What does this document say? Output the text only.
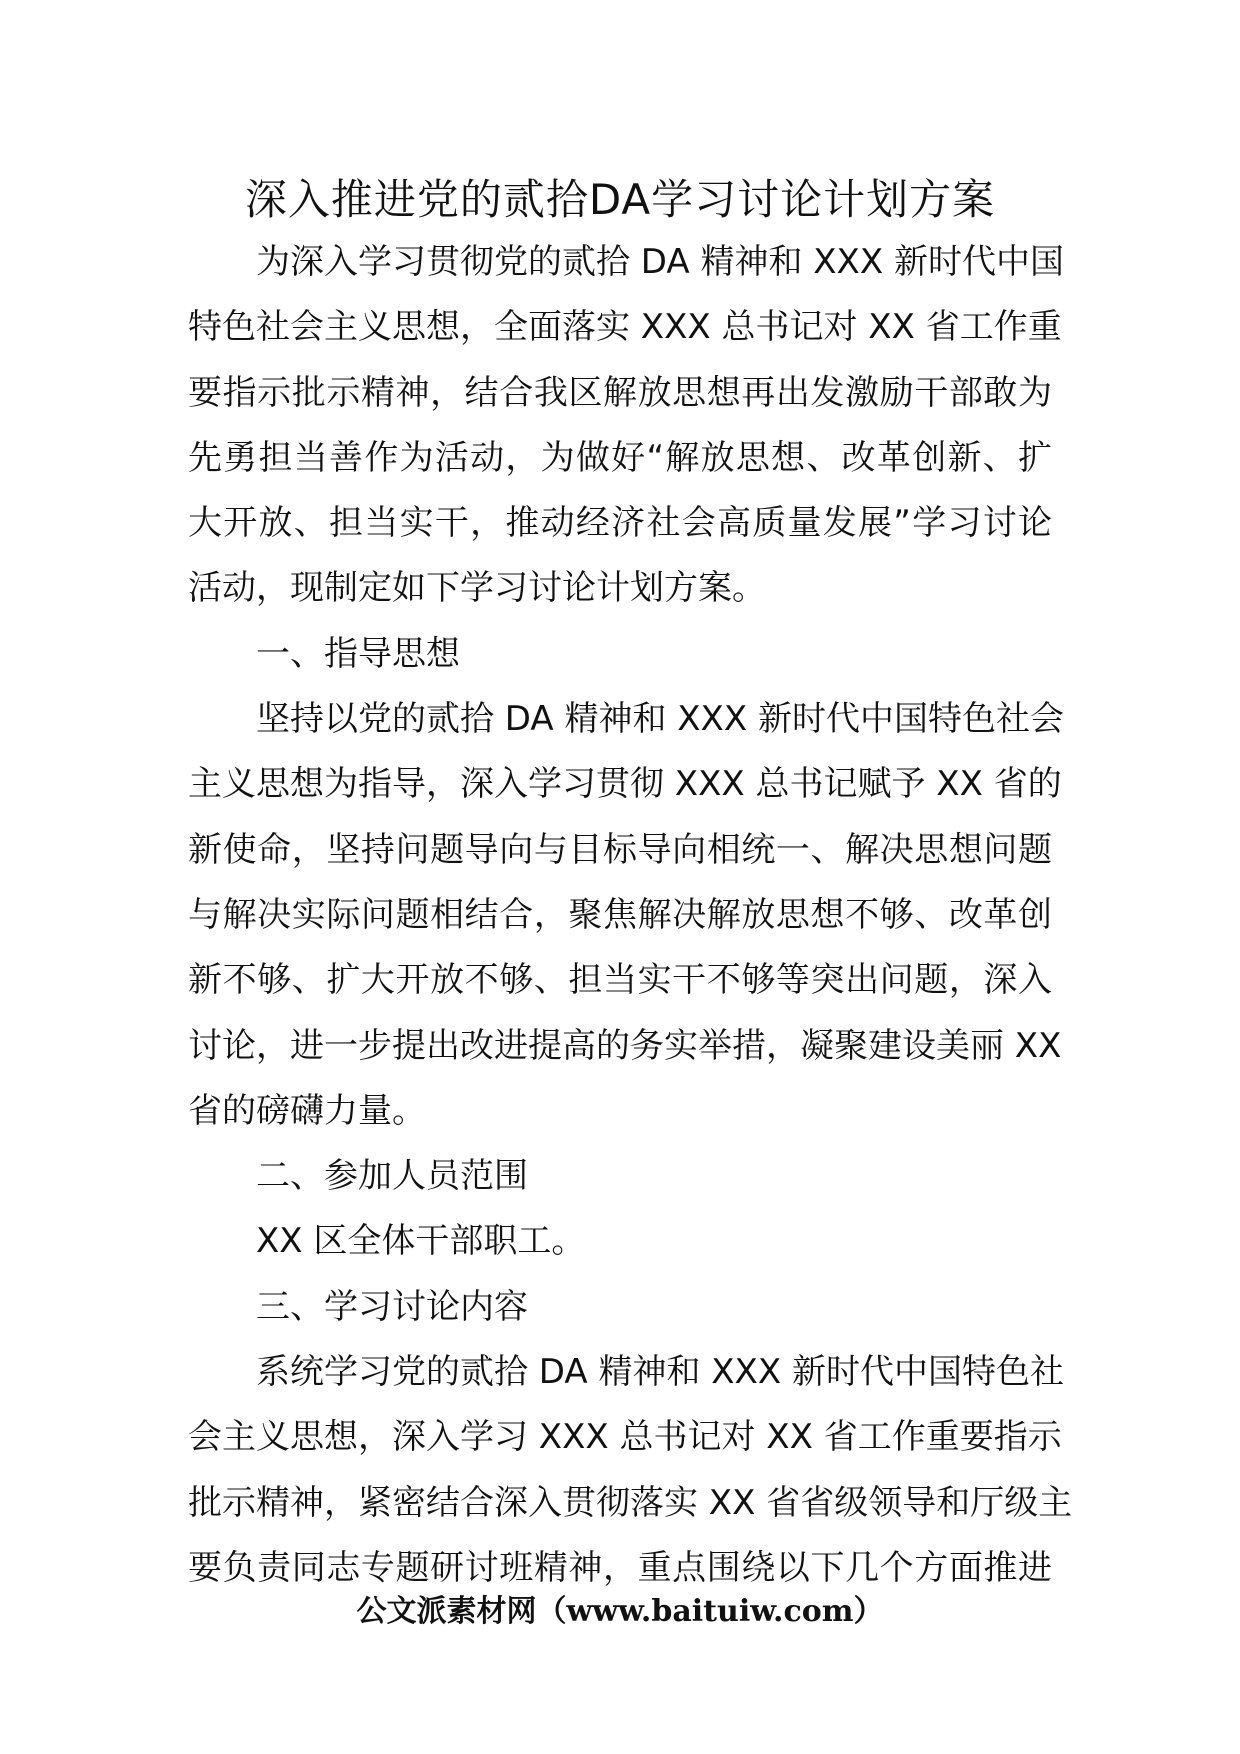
深入推进党的贰拾DA学习讨论计划方案
为深入学习贯彻党的贰拾 DA 精神和 XXX 新时代中国
特色社会主义思想，全面落实 XXX 总书记对 XX 省工作重
要指示批示精神，结合我区解放思想再出发激励干部敢为
先勇担当善作为活动，为做好“解放思想、改革创新、扩
大开放、担当实干，推动经济社会高质量发展”学习讨论
活动，现制定如下学习讨论计划方案。
一、指导思想
坚持以党的贰拾 DA 精神和 XXX 新时代中国特色社会
主义思想为指导，深入学习贯彻 XXX 总书记赋予 XX 省的
新使命，坚持问题导向与目标导向相统一、解决思想问题
与解决实际问题相结合，聚焦解决解放思想不够、改革创
新不够、扩大开放不够、担当实干不够等突出问题，深入
讨论，进一步提出改进提高的务实举措，凝聚建设美丽 XX
省的磅礴力量。
二、参加人员范围
XX 区全体干部职工。
三、学习讨论内容
系统学习党的贰拾 DA 精神和 XXX 新时代中国特色社
会主义思想，深入学习 XXX 总书记对 XX 省工作重要指示
批示精神，紧密结合深入贯彻落实 XX 省省级领导和厅级主
要负责同志专题研讨班精神，重点围绕以下几个方面推进
公文派素材网（www.baituiw.com）
